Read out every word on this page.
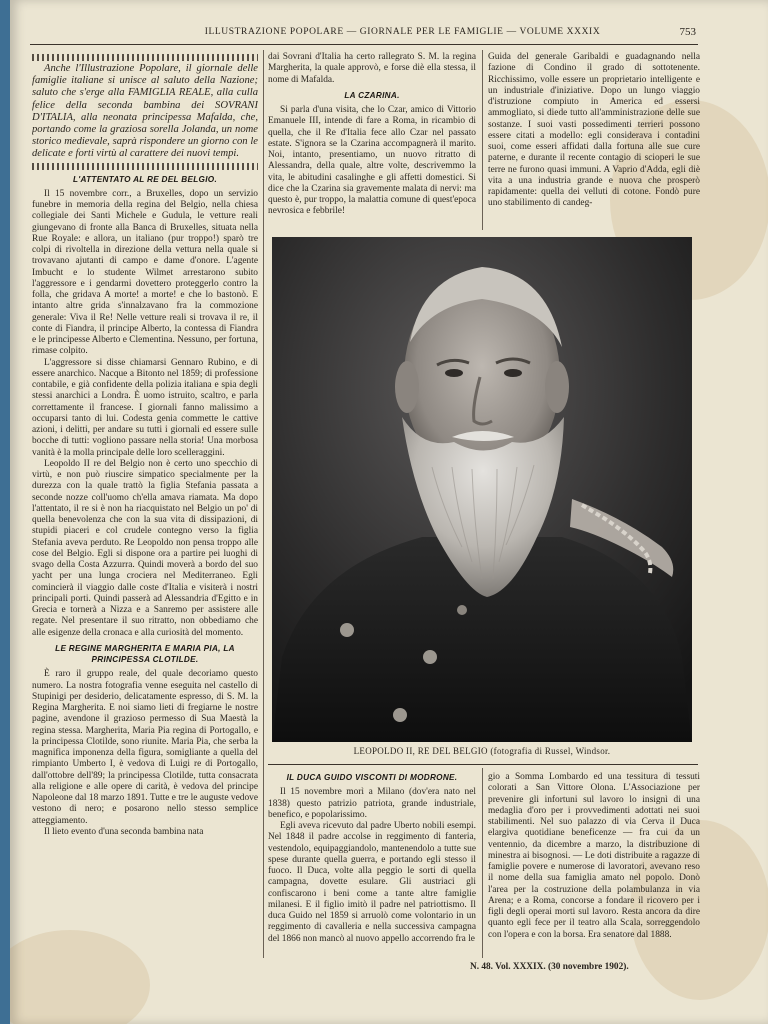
ILLUSTRAZIONE POPOLARE — GIORNALE PER LE FAMIGLIE — VOLUME XXXIX	753

Anche l'Illustrazione Popolare, il giornale delle famiglie italiane si unisce al saluto della Nazione; saluto che s'erge alla FAMIGLIA REALE, alla culla felice della seconda bambina dei SOVRANI D'ITALIA, alla neonata principessa Mafalda, che, portando come la graziosa sorella Jolanda, un nome storico medievale, saprà rispondere un giorno con le delicate e forti virtù al carattere dei nuovi tempi.

L'ATTENTATO AL RE DEL BELGIO.

Il 15 novembre corr., a Bruxelles, dopo un servizio funebre in memoria della regina del Belgio, nella chiesa collegiale dei Santi Michele e Gudula, le vetture reali giungevano di fronte alla Banca di Bruxelles, situata nella Rue Royale: e allora, un italiano (pur troppo!) sparò tre colpi di rivoltella in direzione della vettura nella quale si trovavano ajutanti di campo e dame d'onore. L'agente Imbucht e lo studente Wilmet arrestarono subito l'aggressore e i gendarmi dovettero proteggerlo contro la folla, che gridava A morte! a morte! e che lo bastonò. E intanto altre grida s'innalzavano fra la commozione generale: Viva il Re! Nelle vetture reali si trovava il re, il conte di Fiandra, il principe Alberto, la contessa di Fiandra e le principesse Alberto e Clementina. Nessuno, per fortuna, rimase colpito.

L'aggressore si disse chiamarsi Gennaro Rubino, e di essere anarchico. Nacque a Bitonto nel 1859; di professione contabile, e già confidente della polizia italiana e spia degli stessi anarchici a Londra. È uomo istruito, scaltro, e parla correttamente il francese. I giornali fanno malissimo a occuparsi tanto di lui. Codesta genia commette le cattive azioni, i delitti, per andare su tutti i giornali ed essere sulle bocche di tutti: vogliono passare nella storia! Una morbosa vanità è la molla principale delle loro scelleraggini.

Leopoldo II re del Belgio non è certo uno specchio di virtù, e non può riuscire simpatico specialmente per la durezza con la quale trattò la figlia Stefania passata a seconde nozze coll'uomo ch'ella amava riamata. Ma dopo l'attentato, il re si è non ha riacquistato nel Belgio un po' di quella benevolenza che con la sua vita di dissipazioni, di stupidi piaceri e col crudele contegno verso la figlia Stefania aveva perduto. Re Leopoldo non pensa troppo alle cose del Belgio. Egli si dispone ora a partire pei luoghi di svago della Costa Azzurra. Quindi moverà a bordo del suo yacht per una lunga crociera nel Mediterraneo. Egli comincierà il viaggio dalle coste d'Italia e visiterà i nostri principali porti. Quindi passerà ad Alessandria d'Egitto e in Grecia e tornerà a Nizza e a Sanremo per assistere alle regate. Nel presentare il suo ritratto, non obbediamo che alle esigenze della cronaca e alla curiosità del momento.

LE REGINE MARGHERITA E MARIA PIA, LA PRINCIPESSA CLOTILDE.

È raro il gruppo reale, del quale decoriamo questo numero. La nostra fotografia venne eseguita nel castello di Stupinigi per desiderio, delicatamente espresso, di S. M. la Regina Margherita. E noi siamo lieti di fregiarne le nostre pagine, avendone il grazioso permesso di Sua Maestà la regina stessa. Margherita, Maria Pia regina di Portogallo, e la principessa Clotilde, sono riunite. Maria Pia, che serba la magnifica imponenza della figura, somigliante a quella del rimpianto Umberto I, è vedova di Luigi re di Portogallo, dall'ottobre dell'89; la principessa Clotilde, tutta consacrata alla religione e alle opere di carità, è vedova del principe Napoleone dal 18 marzo 1891. Tutte e tre le auguste vedove vestono di nero; e posarono nello stesso semplice atteggiamento.

Il lieto evento d'una seconda bambina nata

dai Sovrani d'Italia ha certo rallegrato S. M. la regina Margherita, la quale approvò, e forse diè ella stessa, il nome di Mafalda.

LA CZARINA.

Si parla d'una visita, che lo Czar, amico di Vittorio Emanuele III, intende di fare a Roma, in ricambio di quella, che il Re d'Italia fece allo Czar nel passato estate. S'ignora se la Czarina accompagnerà il marito. Noi, intanto, presentiamo, un nuovo ritratto di Alessandra, della quale, altre volte, descrivemmo la vita, le abitudini casalinghe e gli affetti domestici. Si dice che la Czarina sia gravemente malata di nervi: ma questo è, pur troppo, la malattia comune di quest'epoca nevrosica e febbrile!

Guida del generale Garibaldi e guadagnando nella fazione di Condino il grado di sottotenente. Ricchissimo, volle essere un proprietario intelligente e un industriale d'iniziative. Dopo un lungo viaggio d'istruzione compiuto in America ed essersi ammogliato, si diede tutto all'amministrazione delle sue sostanze. I suoi vasti possedimenti terrieri possono essere citati a modello: egli considerava i contadini suoi, come esseri affidati dalla fortuna alle sue cure paterne, e durante il recente contagio di scioperi le sue terre ne furono quasi immuni. A Vaprio d'Adda, egli diè vita a una industria grande e nuova che prosperò rapidamente: quella dei velluti di cotone. Fondò pure uno stabilimento di candeg-

LEOPOLDO II, RE DEL BELGIO (fotografia di Russel, Windsor.
IL DUCA GUIDO VISCONTI DI MODRONE.

Il 15 novembre morì a Milano (dov'era nato nel 1838) questo patrizio patriota, grande industriale, benefico, e popolarissimo.

Egli aveva ricevuto dal padre Uberto nobili esempi. Nel 1848 il padre accolse in reggimento di fanteria, vestendolo, equipaggiandolo, mantenendolo a tutte sue spese durante quella guerra, e portando egli stesso il fuoco. Il Duca, volte alla peggio le sorti di quella campagna, dovette esulare. Gli austriaci gli confiscarono i beni come a tante altre famiglie milanesi. E il figlio imitò il padre nel patriottismo. Il duca Guido nel 1859 si arruolò come volontario in un reggimento di cavalleria e nella successiva campagna del 1866 non mancò al nuovo appello accorrendo fra le

gio a Somma Lombardo ed una tessitura di tessuti colorati a San Vittore Olona. L'Associazione per prevenire gli infortuni sul lavoro lo insignì di una medaglia d'oro per i provvedimenti adottati nei suoi stabilimenti. Nel suo palazzo di via Cerva il Duca elargiva quotidiane beneficenze — fra cui da un ventennio, da dicembre a marzo, la distribuzione di minestra ai bisognosi. — Le doti distribuite a ragazze di famiglie povere e numerose di lavoratori, avevano reso il nome della sua famiglia amato nel popolo. Donò l'area per la costruzione della polambulanza in via Arena; e a Roma, concorse a fondare il ricovero per i figli degli operai morti sul lavoro. Resta ancora da dire quanto egli fece per il teatro alla Scala, sorreggendolo con l'opera e con la borsa. Era senatore dal 1888.

N. 48. Vol. XXXIX. (30 novembre 1902).
